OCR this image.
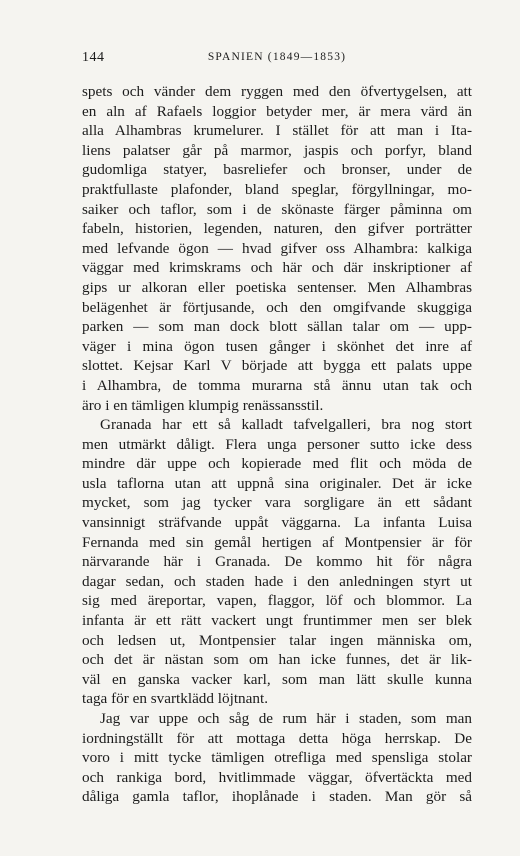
144	SPANIEN (1849—1853)
spets och vänder dem ryggen med den öfvertygelsen, att
en aln af Rafaels loggior betyder mer, är mera värd än
alla Alhambras krumelurer. I stället för att man i Ita-
liens palatser går på marmor, jaspis och porfyr, bland
gudomliga statyer, basreliefer och bronser, under de
praktfullaste plafonder, bland speglar, förgyllningar, mo-
saiker och taflor, som i de skönaste färger påminna om
fabeln, historien, legenden, naturen, den gifver porträtter
med lefvande ögon — hvad gifver oss Alhambra: kalkiga
väggar med krimskrams och här och där inskriptioner af
gips ur alkoran eller poetiska sentenser. Men Alhambras
belägenhet är förtjusande, och den omgifvande skuggiga
parken — som man dock blott sällan talar om — upp-
väger i mina ögon tusen gånger i skönhet det inre af
slottet. Kejsar Karl V började att bygga ett palats uppe
i Alhambra, de tomma murarna stå ännu utan tak och
äro i en tämligen klumpig renässansstil.
Granada har ett så kalladt tafvelgalleri, bra nog stort
men utmärkt dåligt. Flera unga personer sutto icke dess
mindre där uppe och kopierade med flit och möda de
usla taflorna utan att uppnå sina originaler. Det är icke
mycket, som jag tycker vara sorgligare än ett sådant
vansinnigt sträfvande uppåt väggarna. La infanta Luisa
Fernanda med sin gemål hertigen af Montpensier är för
närvarande här i Granada. De kommo hit för några
dagar sedan, och staden hade i den anledningen styrt ut
sig med äreportar, vapen, flaggor, löf och blommor. La
infanta är ett rätt vackert ungt fruntimmer men ser blek
och ledsen ut, Montpensier talar ingen människa om,
och det är nästan som om han icke funnes, det är lik-
väl en ganska vacker karl, som man lätt skulle kunna
taga för en svartklädd löjtnant.
Jag var uppe och såg de rum här i staden, som man
iordningställt för att mottaga detta höga herrskap. De
voro i mitt tycke tämligen otrefliga med spensliga stolar
och rankiga bord, hvitlimmade väggar, öfvertäckta med
dåliga gamla taflor, ihoplånade i staden. Man gör så
